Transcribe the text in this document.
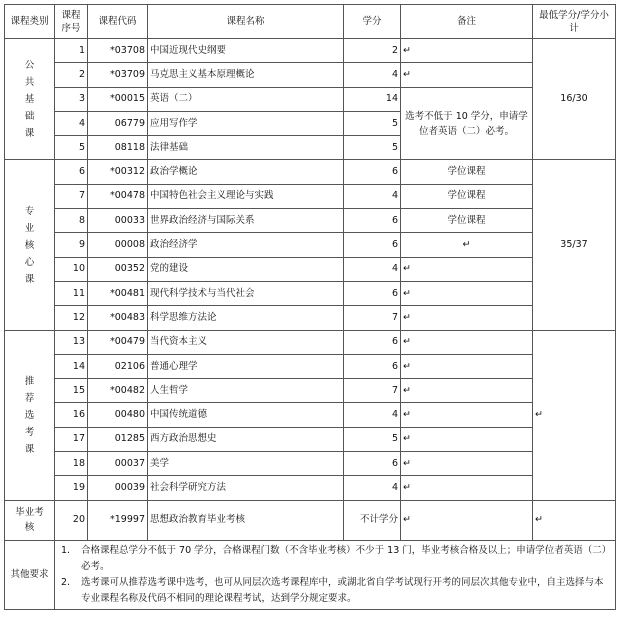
课程类别	课程序号	课程代码	课程名称	学分	备注	最低学分/学分小计

公共基础课	1	*03708	中国近现代史纲要	2	↵	16/30
	2	*03709	马克思主义基本原理概论	4	↵	
	3	*00015	英语（二）	14	选考不低于 10 学分，申请学位者英语（二）必考。	
	4	06779	应用写作学	5		
	5	08118	法律基础	5		

专业核心课	6	*00312	政治学概论	6	学位课程	35/37
	7	*00478	中国特色社会主义理论与实践	4	学位课程	
	8	00033	世界政治经济与国际关系	6	学位课程	
	9	00008	政治经济学	6	↵	
	10	00352	党的建设	4	↵	
	11	*00481	现代科学技术与当代社会	6	↵	
	12	*00483	科学思维方法论	7	↵	

推荐选考课	13	*00479	当代资本主义	6	↵	↵
	14	02106	普通心理学	6	↵	
	15	*00482	人生哲学	7	↵	
	16	00480	中国传统道德	4	↵	
	17	01285	西方政治思想史	5	↵	
	18	00037	美学	6	↵	
	19	00039	社会科学研究方法	4	↵	

毕业考核	20	*19997	思想政治教育毕业考核	不计学分	↵	↵
其他要求	1. 合格课程总学分不低于 70 学分，合格课程门数（不含毕业考核）不少于 13 门，毕业考核合格及以上；申请学位者英语（二）必考。
2. 选考课可从推荐选考课中选考，也可从同层次选考课程库中，或湖北省自学考试现行开考的同层次其他专业中，自主选择与本专业课程名称及代码不相同的理论课程考试，达到学分规定要求。					
